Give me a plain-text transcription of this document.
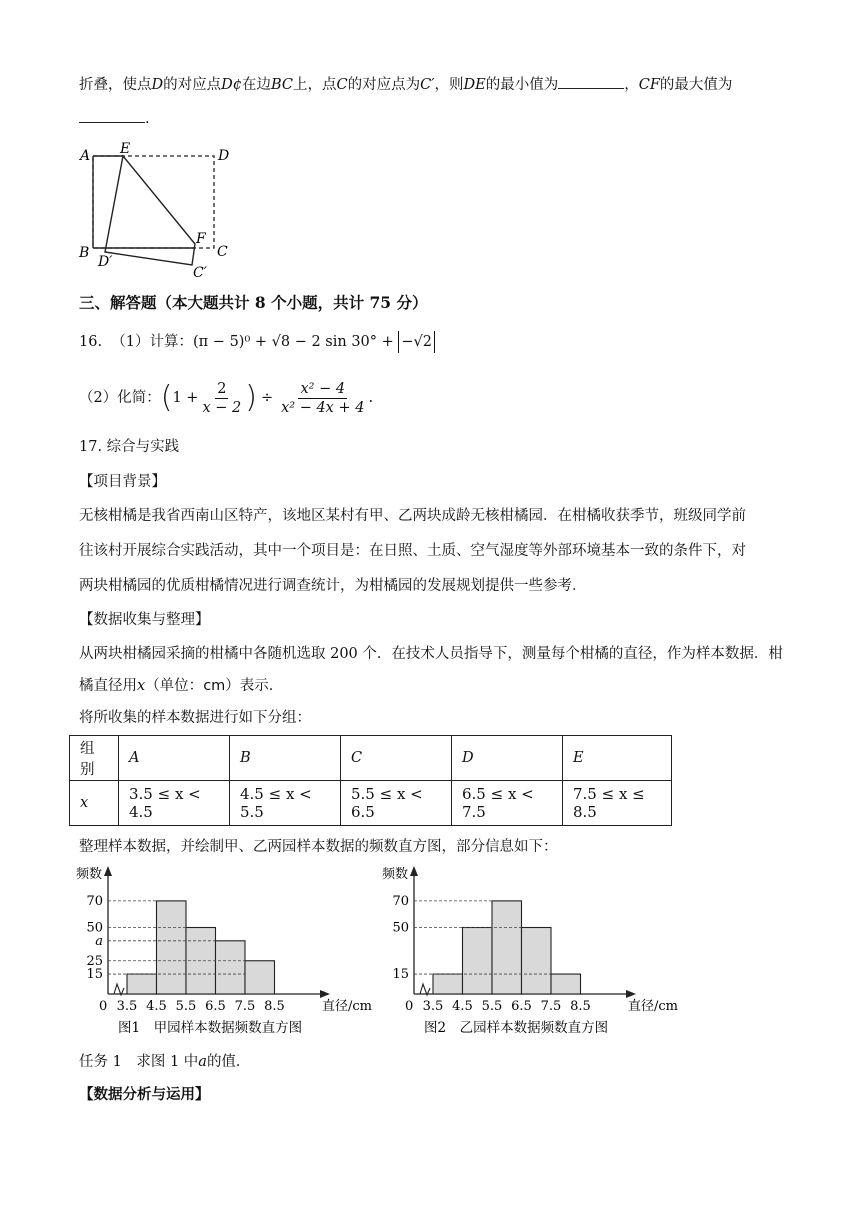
折叠，使点D的对应点D¢在边BC上，点C的对应点为C′，则DE的最小值为	，CF的最大值为
.
A E	D
B
D′
F
C
C′
三、解答题（本大题共计 8 个小题，共计 75 分）
16. （1）计算：(π − 5)⁰ + √8 − 2 sin 30° + −√2
（2）化简： ( $1 + \frac{2}{x - 2}$ ) ÷ $\frac{\text{x² − 4}}{\text{x² − 4x + 4}}$ .
17. 综合与实践
【项目背景】
无核柑橘是我省西南山区特产，该地区某村有甲、乙两块成龄无核柑橘园．在柑橘收获季节，班级同学前
往该村开展综合实践活动，其中一个项目是：在日照、土质、空气湿度等外部环境基本一致的条件下，对
两块柑橘园的优质柑橘情况进行调查统计，为柑橘园的发展规划提供一些参考．
【数据收集与整理】
从两块柑橘园采摘的柑橘中各随机选取 200 个．在技术人员指导下，测量每个柑橘的直径，作为样本数据．柑
橘直径用x（单位：cm）表示．
将所收集的样本数据进行如下分组：
组别	A	B	C	D	E
x	3.5 ≤ x < 4.5	4.5 ≤ x < 5.5	5.5 ≤ x < 6.5	6.5 ≤ x < 7.5	7.5 ≤ x ≤ 8.5
整理样本数据，并绘制甲、乙两园样本数据的频数直方图，部分信息如下：
15
25
a
50
70
频数
0 3.5 4.5 5.5 6.5 7.5 8.5	直径/cm
图1　甲园样本数据频数直方图
15
50
70
频数
0 3.5 4.5 5.5 6.5 7.5 8.5	直径/cm
图2　乙园样本数据频数直方图
任务 1　求图 1 中a的值．
【数据分析与运用】
